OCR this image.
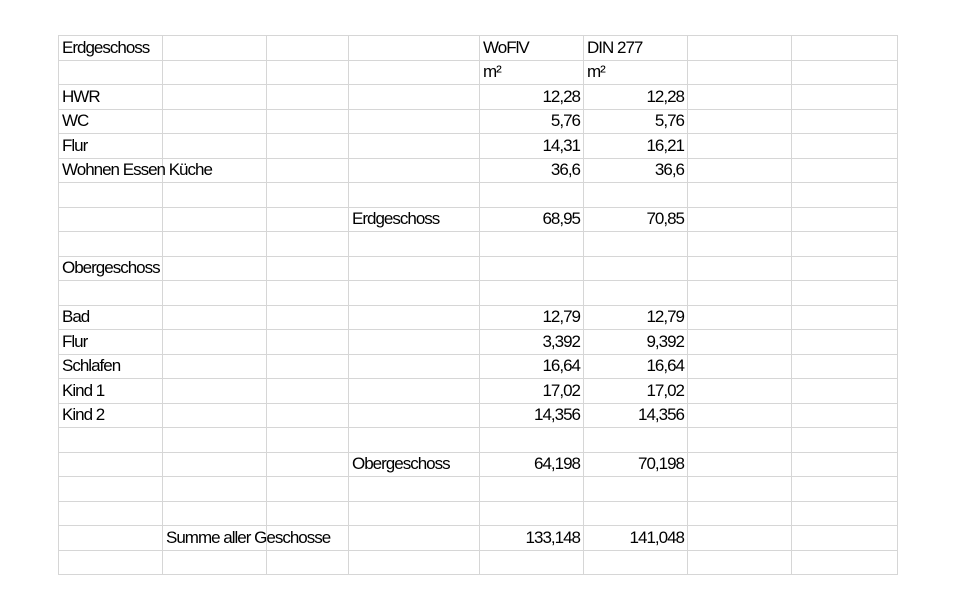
Erdgeschoss				WoFlV	DIN 277		
				m²	m²		
HWR				12,28	12,28		
WC				5,76	5,76		
Flur				14,31	16,21		
Wohnen Essen Küche				36,6	36,6		

			Erdgeschoss	68,95	70,85		

Obergeschoss							

Bad				12,79	12,79		
Flur				3,392	9,392		
Schlafen				16,64	16,64		
Kind 1				17,02	17,02		
Kind 2				14,356	14,356		

			Obergeschoss	64,198	70,198		

	Summe aller Geschosse			133,148	141,048		
